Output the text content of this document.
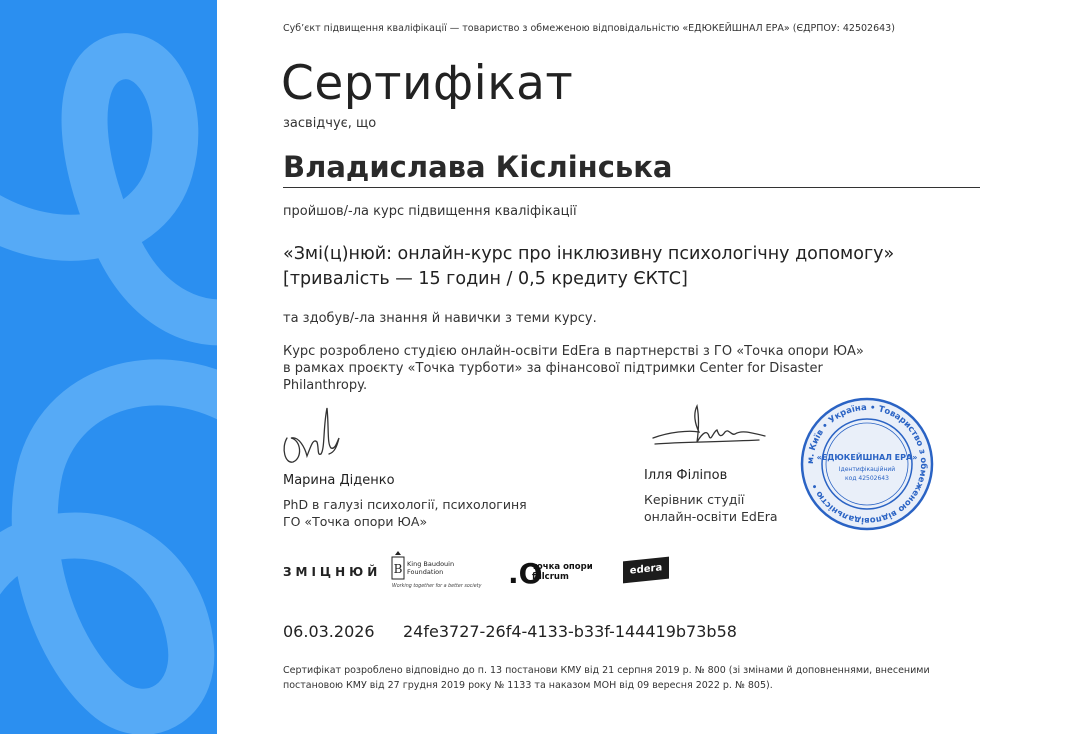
Суб’єкт підвищення кваліфікації — товариство з обмеженою відповідальністю «ЕДЮКЕЙШНАЛ ЕРА» (ЄДРПОУ: 42502643)
Сертифікат
засвідчує, що
Владислава Кіслінська
пройшов/-ла курс підвищення кваліфікації
«Змі(ц)нюй: онлайн-курс про інклюзивну психологічну допомогу»
[тривалість — 15 годин / 0,5 кредиту ЄКТС]
та здобув/-ла знання й навички з теми курсу.
Курс розроблено студією онлайн-освіти EdEra в партнерстві з ГО «Точка опори ЮА»
в рамках проєкту «Точка турботи» за фінансової підтримки Center for Disaster
Philanthropy.
Марина Діденко
PhD в галузі психології, психологиня
ГО «Точка опори ЮА»
Ілля Філіпов
Керівник студії
онлайн-освіти EdEra
м. Київ • Україна • Товариство з обмеженою відповідальністю •
«ЕДЮКЕЙШНАЛ ЕРА»
Ідентифікаційний
код 42502643
ЗМІЦНЮЙ B King Baudouin
Foundation
Working together for a better society .O
точка опори
fulcrum
edera
06.03.2026 24fe3727-26f4-4133-b33f-144419b73b58
Сертифікат розроблено відповідно до п. 13 постанови КМУ від 21 серпня 2019 р. № 800 (зі змінами й доповненнями, внесеними
постановою КМУ від 27 грудня 2019 року № 1133 та наказом МОН від 09 вересня 2022 р. № 805).
